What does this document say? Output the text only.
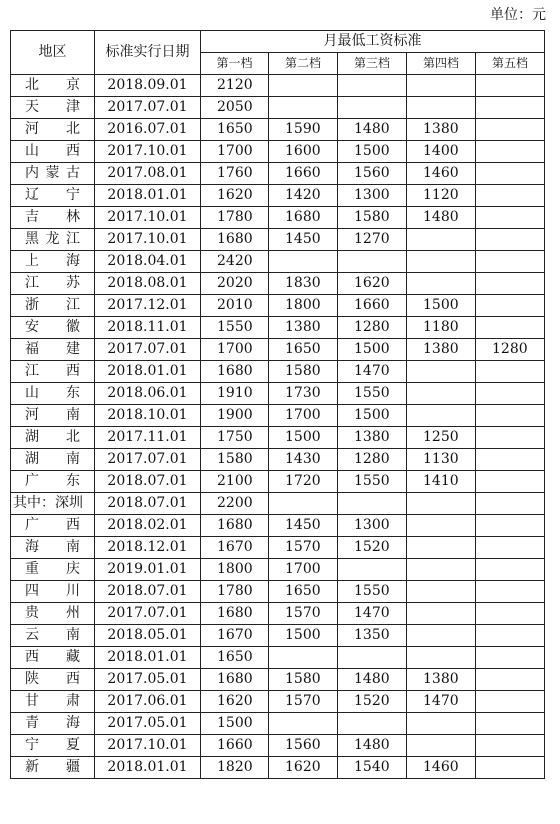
单位：元
地区	标准实行日期	月最低工资标准				
		第一档	第二档	第三档	第四档	第五档
北京	2018.09.01	2120				
天津	2017.07.01	2050				
河北	2016.07.01	1650	1590	1480	1380	
山西	2017.10.01	1700	1600	1500	1400	
内蒙古	2017.08.01	1760	1660	1560	1460	
辽宁	2018.01.01	1620	1420	1300	1120	
吉林	2017.10.01	1780	1680	1580	1480	
黑龙江	2017.10.01	1680	1450	1270		
上海	2018.04.01	2420				
江苏	2018.08.01	2020	1830	1620		
浙江	2017.12.01	2010	1800	1660	1500	
安徽	2018.11.01	1550	1380	1280	1180	
福建	2017.07.01	1700	1650	1500	1380	1280
江西	2018.01.01	1680	1580	1470		
山东	2018.06.01	1910	1730	1550		
河南	2018.10.01	1900	1700	1500		
湖北	2017.11.01	1750	1500	1380	1250	
湖南	2017.07.01	1580	1430	1280	1130	
广东	2018.07.01	2100	1720	1550	1410	
其中：深圳	2018.07.01	2200				
广西	2018.02.01	1680	1450	1300		
海南	2018.12.01	1670	1570	1520		
重庆	2019.01.01	1800	1700			
四川	2018.07.01	1780	1650	1550		
贵州	2017.07.01	1680	1570	1470		
云南	2018.05.01	1670	1500	1350		
西藏	2018.01.01	1650				
陕西	2017.05.01	1680	1580	1480	1380	
甘肃	2017.06.01	1620	1570	1520	1470	
青海	2017.05.01	1500				
宁夏	2017.10.01	1660	1560	1480		
新疆	2018.01.01	1820	1620	1540	1460	
